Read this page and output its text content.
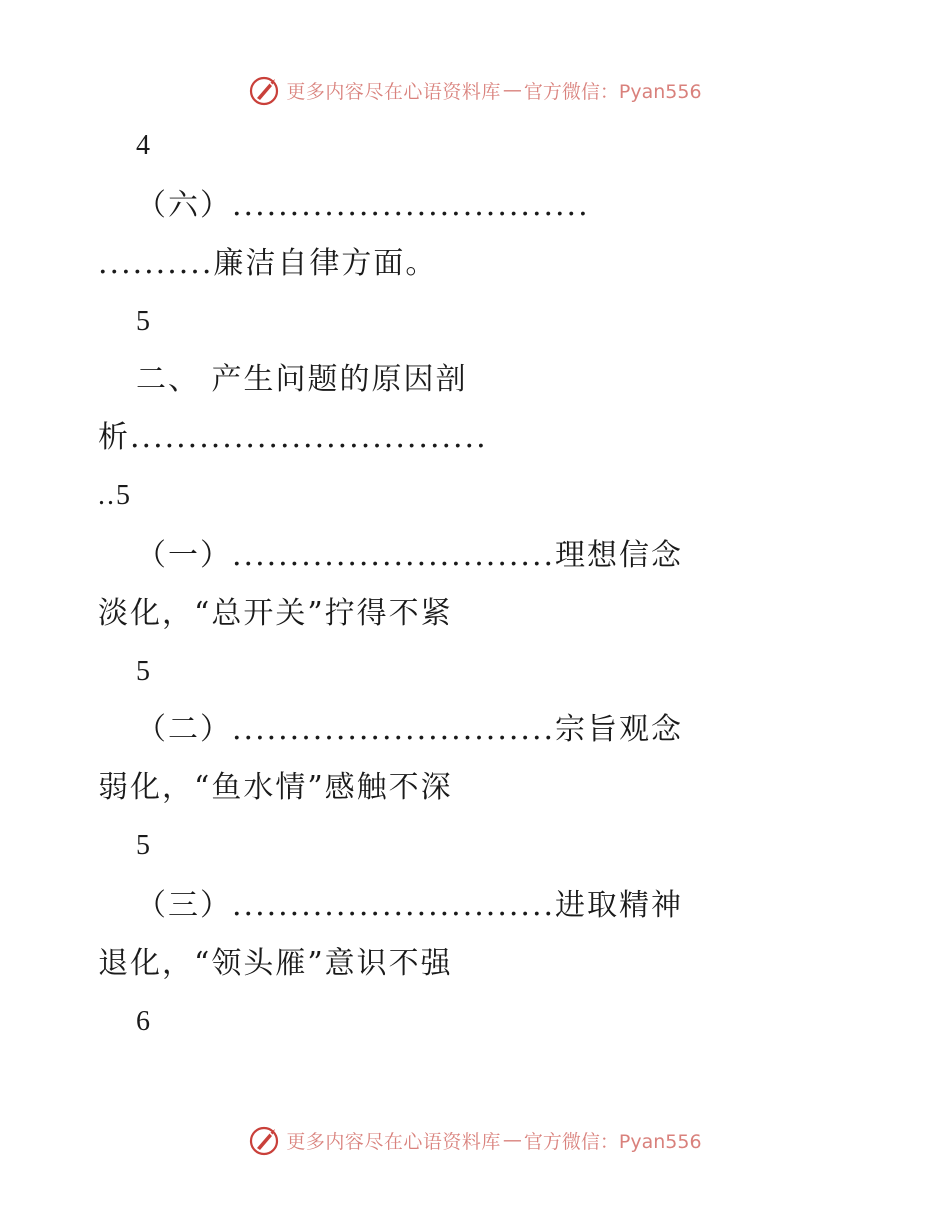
更多内容尽在心语资料库 — 官方微信：Pyan556
4
（六）...............................
..........廉洁自律方面。
5
二、 产生问题的原因剖
析...............................
..5
（一）............................理想信念
淡化，“总开关”拧得不紧
5
（二）............................宗旨观念
弱化，“鱼水情”感触不深
5
（三）............................进取精神
退化，“领头雁”意识不强
6
更多内容尽在心语资料库 — 官方微信：Pyan556
